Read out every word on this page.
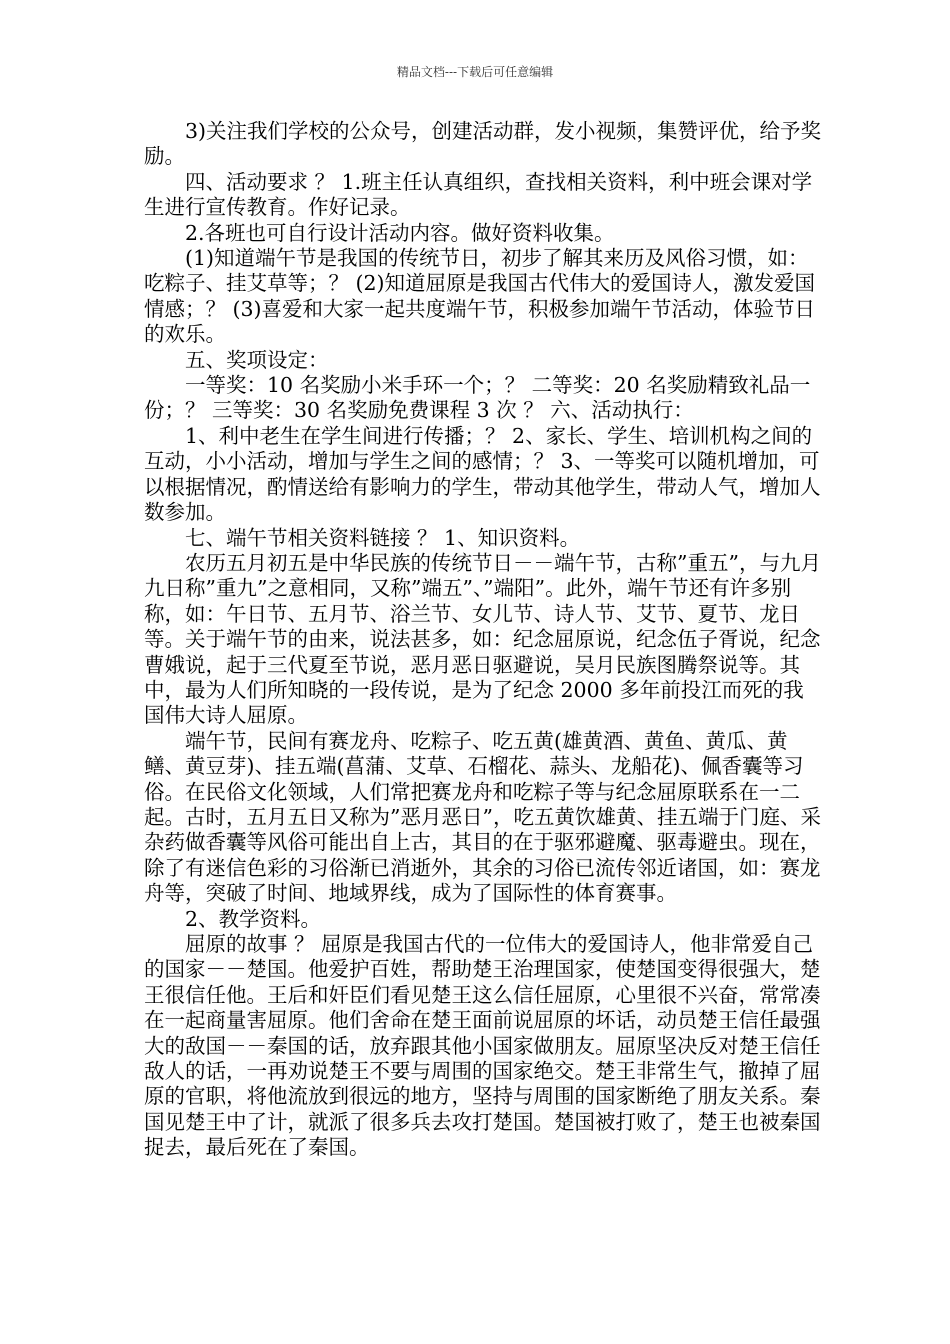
精品文档---下载后可任意编辑

3)关注我们学校的公众号，创建活动群，发小视频，集赞评优，给予奖励。

四、活动要求 ？ 1.班主任认真组织，查找相关资料，利中班会课对学生进行宣传教育。作好记录。

2.各班也可自行设计活动内容。做好资料收集。

(1)知道端午节是我国的传统节日，初步了解其来历及风俗习惯，如：吃粽子、挂艾草等；？ (2)知道屈原是我国古代伟大的爱国诗人，激发爱国情感；？ (3)喜爱和大家一起共度端午节，积极参加端午节活动，体验节日的欢乐。

五、奖项设定：

一等奖：10 名奖励小米手环一个；？ 二等奖：20 名奖励精致礼品一份；？ 三等奖：30 名奖励免费课程 3 次 ？ 六、活动执行：

1、利中老生在学生间进行传播；？ 2、家长、学生、培训机构之间的互动，小小活动，增加与学生之间的感情；？ 3、一等奖可以随机增加，可以根据情况，酌情送给有影响力的学生，带动其他学生，带动人气，增加人数参加。

七、端午节相关资料链接 ？ 1、知识资料。

农历五月初五是中华民族的传统节日－－端午节，古称”重五”，与九月九日称”重九”之意相同，又称”端五”、”端阳”。此外，端午节还有许多别称，如：午日节、五月节、浴兰节、女儿节、诗人节、艾节、夏节、龙日等。关于端午节的由来，说法甚多，如：纪念屈原说，纪念伍子胥说，纪念曹娥说，起于三代夏至节说，恶月恶日驱避说，吴月民族图腾祭说等。其中，最为人们所知晓的一段传说，是为了纪念 2000 多年前投江而死的我国伟大诗人屈原。

端午节，民间有赛龙舟、吃粽子、吃五黄(雄黄酒、黄鱼、黄瓜、黄鳝、黄豆芽)、挂五端(菖蒲、艾草、石榴花、蒜头、龙船花)、佩香囊等习俗。在民俗文化领域，人们常把赛龙舟和吃粽子等与纪念屈原联系在一二起。古时，五月五日又称为”恶月恶日”，吃五黄饮雄黄、挂五端于门庭、采杂药做香囊等风俗可能出自上古，其目的在于驱邪避魔、驱毒避虫。现在，除了有迷信色彩的习俗渐已消逝外，其余的习俗已流传邻近诸国，如：赛龙舟等，突破了时间、地域界线，成为了国际性的体育赛事。

2、教学资料。

屈原的故事 ？ 屈原是我国古代的一位伟大的爱国诗人，他非常爱自己的国家－－楚国。他爱护百姓，帮助楚王治理国家，使楚国变得很强大，楚王很信任他。王后和奸臣们看见楚王这么信任屈原，心里很不兴奋，常常凑在一起商量害屈原。他们舍命在楚王面前说屈原的坏话，动员楚王信任最强大的敌国－－秦国的话，放弃跟其他小国家做朋友。屈原坚决反对楚王信任敌人的话，一再劝说楚王不要与周围的国家绝交。楚王非常生气，撤掉了屈原的官职，将他流放到很远的地方，坚持与周围的国家断绝了朋友关系。秦国见楚王中了计，就派了很多兵去攻打楚国。楚国被打败了，楚王也被秦国捉去，最后死在了秦国。
